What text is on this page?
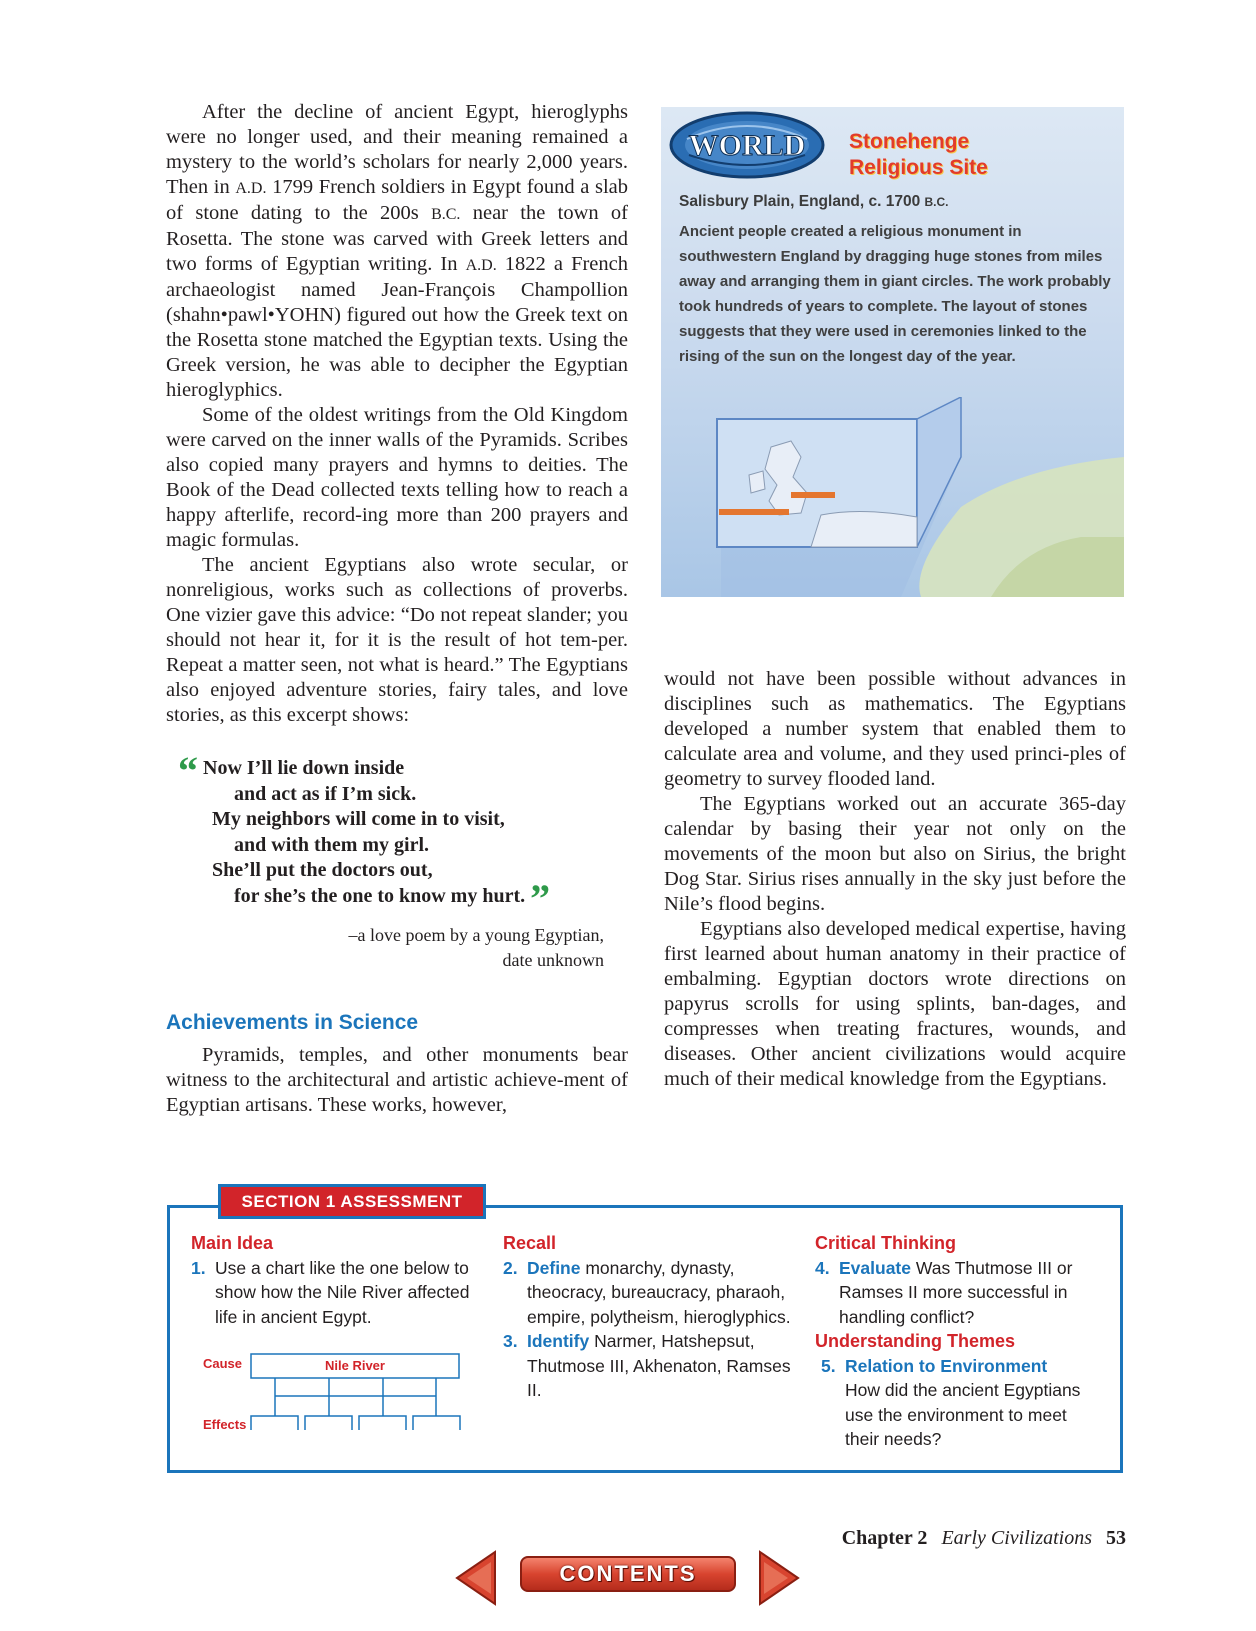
After the decline of ancient Egypt, hieroglyphs were no longer used, and their meaning remained a mystery to the world’s scholars for nearly 2,000 years. Then in A.D. 1799 French soldiers in Egypt found a slab of stone dating to the 200s B.C. near the town of Rosetta. The stone was carved with Greek letters and two forms of Egyptian writing. In A.D. 1822 a French archaeologist named Jean-François Champollion (shahn•pawl•YOHN) figured out how the Greek text on the Rosetta stone matched the Egyptian texts. Using the Greek version, he was able to decipher the Egyptian hieroglyphics.

Some of the oldest writings from the Old Kingdom were carved on the inner walls of the Pyramids. Scribes also copied many prayers and hymns to deities. The Book of the Dead collected texts telling how to reach a happy afterlife, record-ing more than 200 prayers and magic formulas.

The ancient Egyptians also wrote secular, or nonreligious, works such as collections of proverbs. One vizier gave this advice: “Do not repeat slander; you should not hear it, for it is the result of hot tem-per. Repeat a matter seen, not what is heard.” The Egyptians also enjoyed adventure stories, fairy tales, and love stories, as this excerpt shows:

“ Now I’ll lie down inside
and act as if I’m sick.
My neighbors will come in to visit,
and with them my girl.
She’ll put the doctors out,
for she’s the one to know my hurt. ”
–a love poem by a young Egyptian,
date unknown
Achievements in Science

Pyramids, temples, and other monuments bear witness to the architectural and artistic achieve-ment of Egyptian artisans. These works, however,

would not have been possible without advances in disciplines such as mathematics. The Egyptians developed a number system that enabled them to calculate area and volume, and they used princi-ples of geometry to survey flooded land.

The Egyptians worked out an accurate 365-day calendar by basing their year not only on the movements of the moon but also on Sirius, the bright Dog Star. Sirius rises annually in the sky just before the Nile’s flood begins.

Egyptians also developed medical expertise, having first learned about human anatomy in their practice of embalming. Egyptian doctors wrote directions on papyrus scrolls for using splints, ban-dages, and compresses when treating fractures, wounds, and diseases. Other ancient civilizations would acquire much of their medical knowledge from the Egyptians.

WORLD Stonehenge
Religious Site
Salisbury Plain, England, c. 1700 B.C.
Ancient people created a religious monument in southwestern England by dragging huge stones from miles away and arranging them in giant circles. The work probably took hundreds of years to complete. The layout of stones suggests that they were used in ceremonies linked to the rising of the sun on the longest day of the year.
SECTION 1 ASSESSMENT
Main Idea
1. Use a chart like the one below to show how the Nile River affected life in ancient Egypt.
Cause	Nile River
Effects
Recall
2. Define monarchy, dynasty, theocracy, bureaucracy, pharaoh, empire, polytheism, hieroglyphics.
3. Identify Narmer, Hatshepsut, Thutmose III, Akhenaton, Ramses II.
Critical Thinking
4. Evaluate Was Thutmose III or Ramses II more successful in handling conflict?
Understanding Themes
5. Relation to Environment
How did the ancient Egyptians use the environment to meet their needs?
Chapter 2 Early Civilizations 53
CONTENTS
